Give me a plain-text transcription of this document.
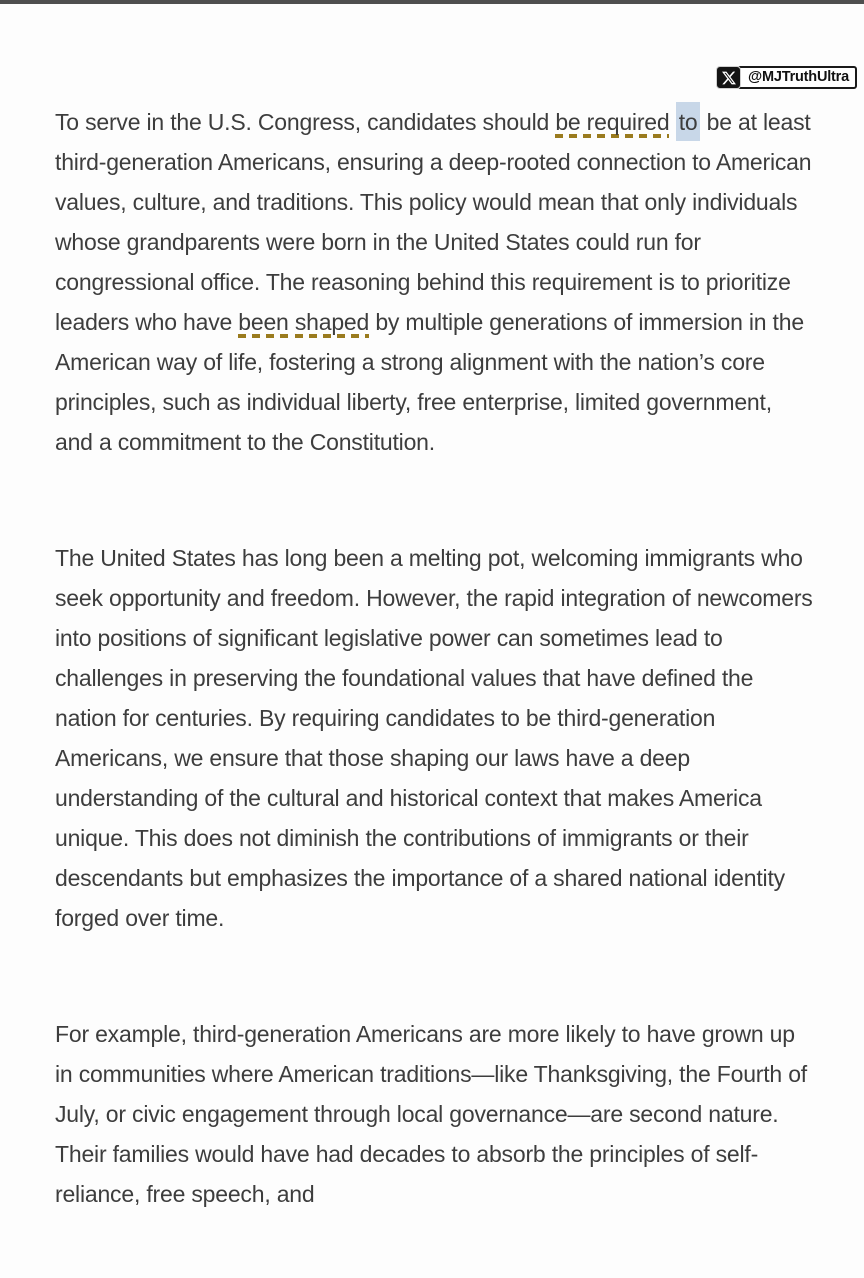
@MJTruthUltra

To serve in the U.S. Congress, candidates should be required to be at least third-generation Americans, ensuring a deep-rooted connection to American values, culture, and traditions. This policy would mean that only individuals whose grandparents were born in the United States could run for congressional office. The reasoning behind this requirement is to prioritize leaders who have been shaped by multiple generations of immersion in the American way of life, fostering a strong alignment with the nation’s core principles, such as individual liberty, free enterprise, limited government, and a commitment to the Constitution.

The United States has long been a melting pot, welcoming immigrants who seek opportunity and freedom. However, the rapid integration of newcomers into positions of significant legislative power can sometimes lead to challenges in preserving the foundational values that have defined the nation for centuries. By requiring candidates to be third-generation Americans, we ensure that those shaping our laws have a deep understanding of the cultural and historical context that makes America unique. This does not diminish the contributions of immigrants or their descendants but emphasizes the importance of a shared national identity forged over time.

For example, third-generation Americans are more likely to have grown up in communities where American traditions—like Thanksgiving, the Fourth of July, or civic engagement through local governance—are second nature. Their families would have had decades to absorb the principles of self-reliance, free speech, and
